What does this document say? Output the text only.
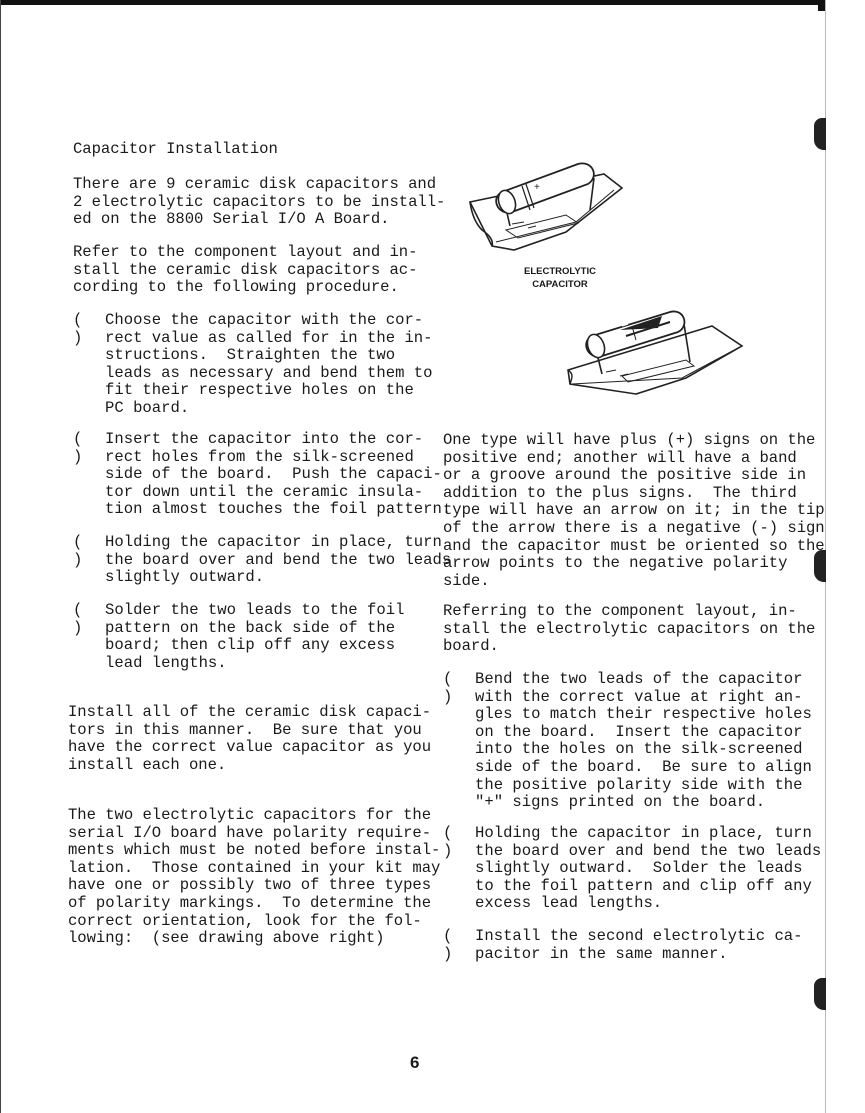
Capacitor Installation
There are 9 ceramic disk capacitors and
2 electrolytic capacitors to be install-
ed on the 8800 Serial I/O A Board.
Refer to the component layout and in-
stall the ceramic disk capacitors ac-
cording to the following procedure.
( )
Choose the capacitor with the cor-
rect value as called for in the in-
structions.  Straighten the two
leads as necessary and bend them to
fit their respective holes on the
PC board.
( )
Insert the capacitor into the cor-
rect holes from the silk-screened
side of the board.  Push the capaci-
tor down until the ceramic insula-
tion almost touches the foil pattern.
( )
Holding the capacitor in place, turn
the board over and bend the two leads
slightly outward.
( )
Solder the two leads to the foil
pattern on the back side of the
board; then clip off any excess
lead lengths.
Install all of the ceramic disk capaci-
tors in this manner.  Be sure that you
have the correct value capacitor as you
install each one.
The two electrolytic capacitors for the
serial I/O board have polarity require-
ments which must be noted before instal-
lation.  Those contained in your kit may
have one or possibly two of three types
of polarity markings.  To determine the
correct orientation, look for the fol-
lowing:  (see drawing above right)
+
ELECTROLYTIC
CAPACITOR
One type will have plus (+) signs on the
positive end; another will have a band
or a groove around the positive side in
addition to the plus signs.  The third
type will have an arrow on it; in the tip
of the arrow there is a negative (-) sign
and the capacitor must be oriented so the
arrow points to the negative polarity
side.
Referring to the component layout, in-
stall the electrolytic capacitors on the
board.
( )
Bend the two leads of the capacitor
with the correct value at right an-
gles to match their respective holes
on the board.  Insert the capacitor
into the holes on the silk-screened
side of the board.  Be sure to align
the positive polarity side with the
"+" signs printed on the board.
( )
Holding the capacitor in place, turn
the board over and bend the two leads
slightly outward.  Solder the leads
to the foil pattern and clip off any
excess lead lengths.
( )
Install the second electrolytic ca-
pacitor in the same manner.
6
